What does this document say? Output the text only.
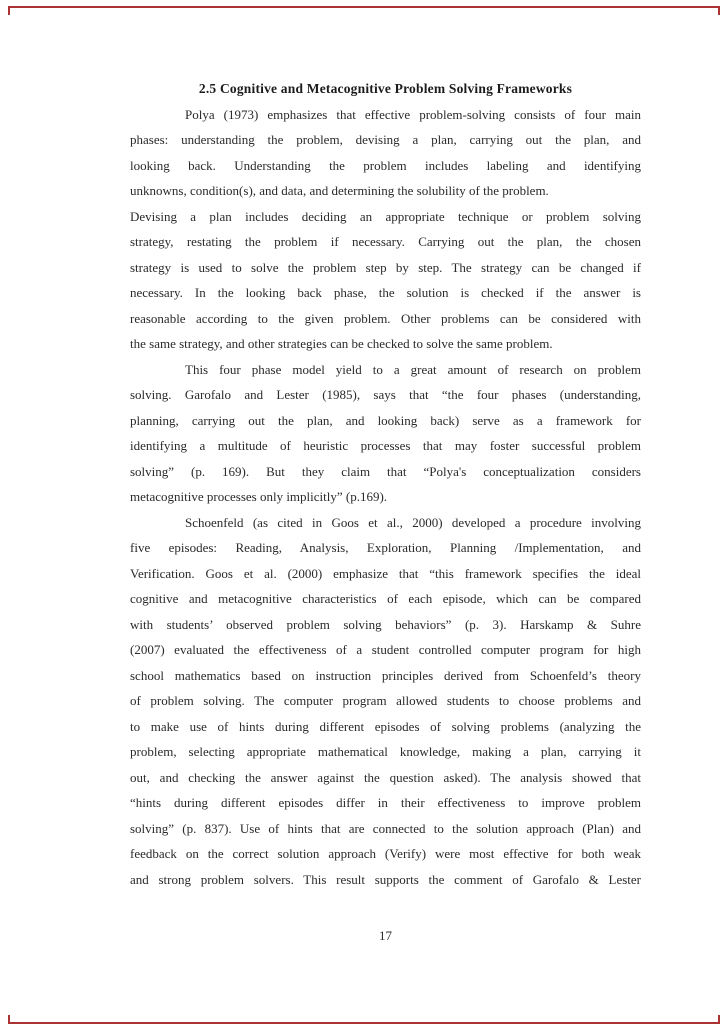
2.5 Cognitive and Metacognitive Problem Solving Frameworks
Polya (1973) emphasizes that effective problem-solving consists of four main
phases: understanding the problem, devising a plan, carrying out the plan, and
looking back. Understanding the problem includes labeling and identifying
unknowns, condition(s), and data, and determining the solubility of the problem.
Devising a plan includes deciding an appropriate technique or problem solving
strategy, restating the problem if necessary. Carrying out the plan, the chosen
strategy is used to solve the problem step by step. The strategy can be changed if
necessary. In the looking back phase, the solution is checked if the answer is
reasonable according to the given problem. Other problems can be considered with
the same strategy, and other strategies can be checked to solve the same problem.
This four phase model yield to a great amount of research on problem
solving. Garofalo and Lester (1985), says that “the four phases (understanding,
planning, carrying out the plan, and looking back) serve as a framework for
identifying a multitude of heuristic processes that may foster successful problem
solving” (p. 169). But they claim that “Polya's conceptualization considers
metacognitive processes only implicitly” (p.169).
Schoenfeld (as cited in Goos et al., 2000) developed a procedure involving
five episodes: Reading, Analysis, Exploration, Planning /Implementation, and
Verification. Goos et al. (2000) emphasize that “this framework specifies the ideal
cognitive and metacognitive characteristics of each episode, which can be compared
with students’ observed problem solving behaviors” (p. 3). Harskamp & Suhre
(2007) evaluated the effectiveness of a student controlled computer program for high
school mathematics based on instruction principles derived from Schoenfeld’s theory
of problem solving. The computer program allowed students to choose problems and
to make use of hints during different episodes of solving problems (analyzing the
problem, selecting appropriate mathematical knowledge, making a plan, carrying it
out, and checking the answer against the question asked). The analysis showed that
“hints during different episodes differ in their effectiveness to improve problem
solving” (p. 837). Use of hints that are connected to the solution approach (Plan) and
feedback on the correct solution approach (Verify) were most effective for both weak
and strong problem solvers. This result supports the comment of Garofalo & Lester
17
